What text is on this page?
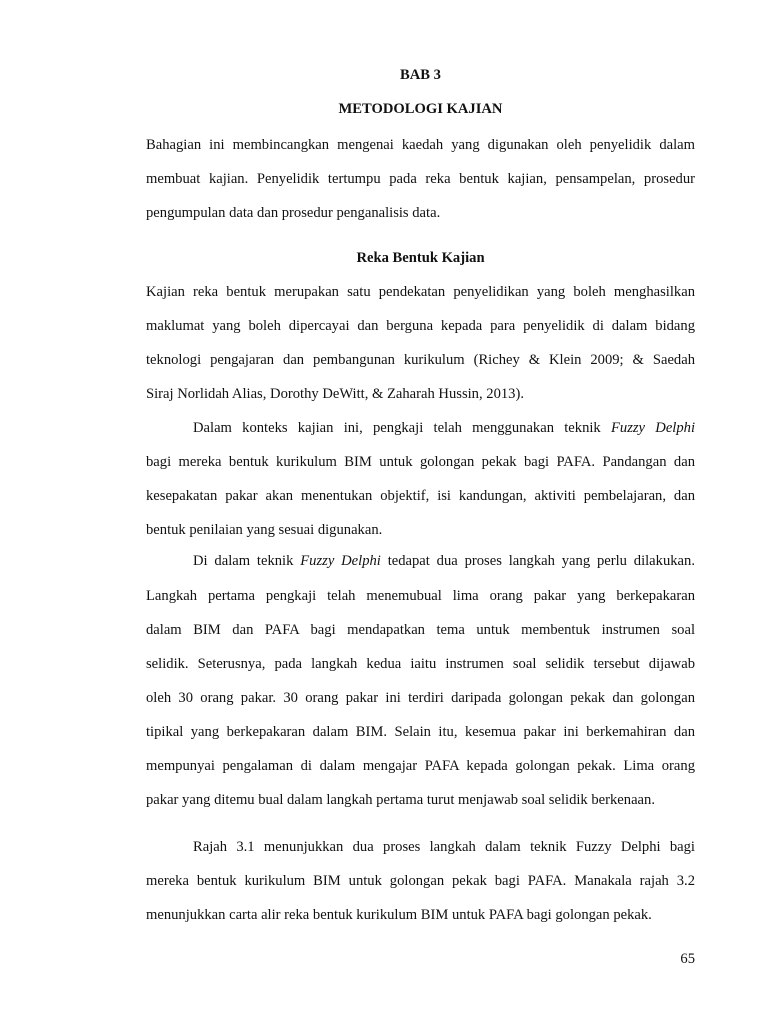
BAB 3
METODOLOGI KAJIAN
Bahagian ini membincangkan mengenai kaedah yang digunakan oleh penyelidik dalam
membuat kajian. Penyelidik tertumpu pada reka bentuk kajian, pensampelan, prosedur
pengumpulan data dan prosedur penganalisis data.
Reka Bentuk Kajian
Kajian reka bentuk merupakan satu pendekatan penyelidikan yang boleh menghasilkan
maklumat yang boleh dipercayai dan berguna kepada para penyelidik di dalam bidang
teknologi pengajaran dan pembangunan kurikulum (Richey & Klein 2009; & Saedah
Siraj Norlidah Alias, Dorothy DeWitt, & Zaharah Hussin, 2013).
Dalam konteks kajian ini, pengkaji telah menggunakan teknik Fuzzy Delphi
bagi mereka bentuk kurikulum BIM untuk golongan pekak bagi PAFA. Pandangan dan
kesepakatan pakar akan menentukan objektif, isi kandungan, aktiviti pembelajaran, dan
bentuk penilaian yang sesuai digunakan.
Di dalam teknik Fuzzy Delphi tedapat dua proses langkah yang perlu dilakukan.
Langkah pertama pengkaji telah menemubual lima orang pakar yang berkepakaran
dalam BIM dan PAFA bagi mendapatkan tema untuk membentuk instrumen soal
selidik. Seterusnya, pada langkah kedua iaitu instrumen soal selidik tersebut dijawab
oleh 30 orang pakar. 30 orang pakar ini terdiri daripada golongan pekak dan golongan
tipikal yang berkepakaran dalam BIM. Selain itu, kesemua pakar ini berkemahiran dan
mempunyai pengalaman di dalam mengajar PAFA kepada golongan pekak. Lima orang
pakar yang ditemu bual dalam langkah pertama turut menjawab soal selidik berkenaan.
Rajah 3.1 menunjukkan dua proses langkah dalam teknik Fuzzy Delphi bagi
mereka bentuk kurikulum BIM untuk golongan pekak bagi PAFA. Manakala rajah 3.2
menunjukkan carta alir reka bentuk kurikulum BIM untuk PAFA bagi golongan pekak.
65
